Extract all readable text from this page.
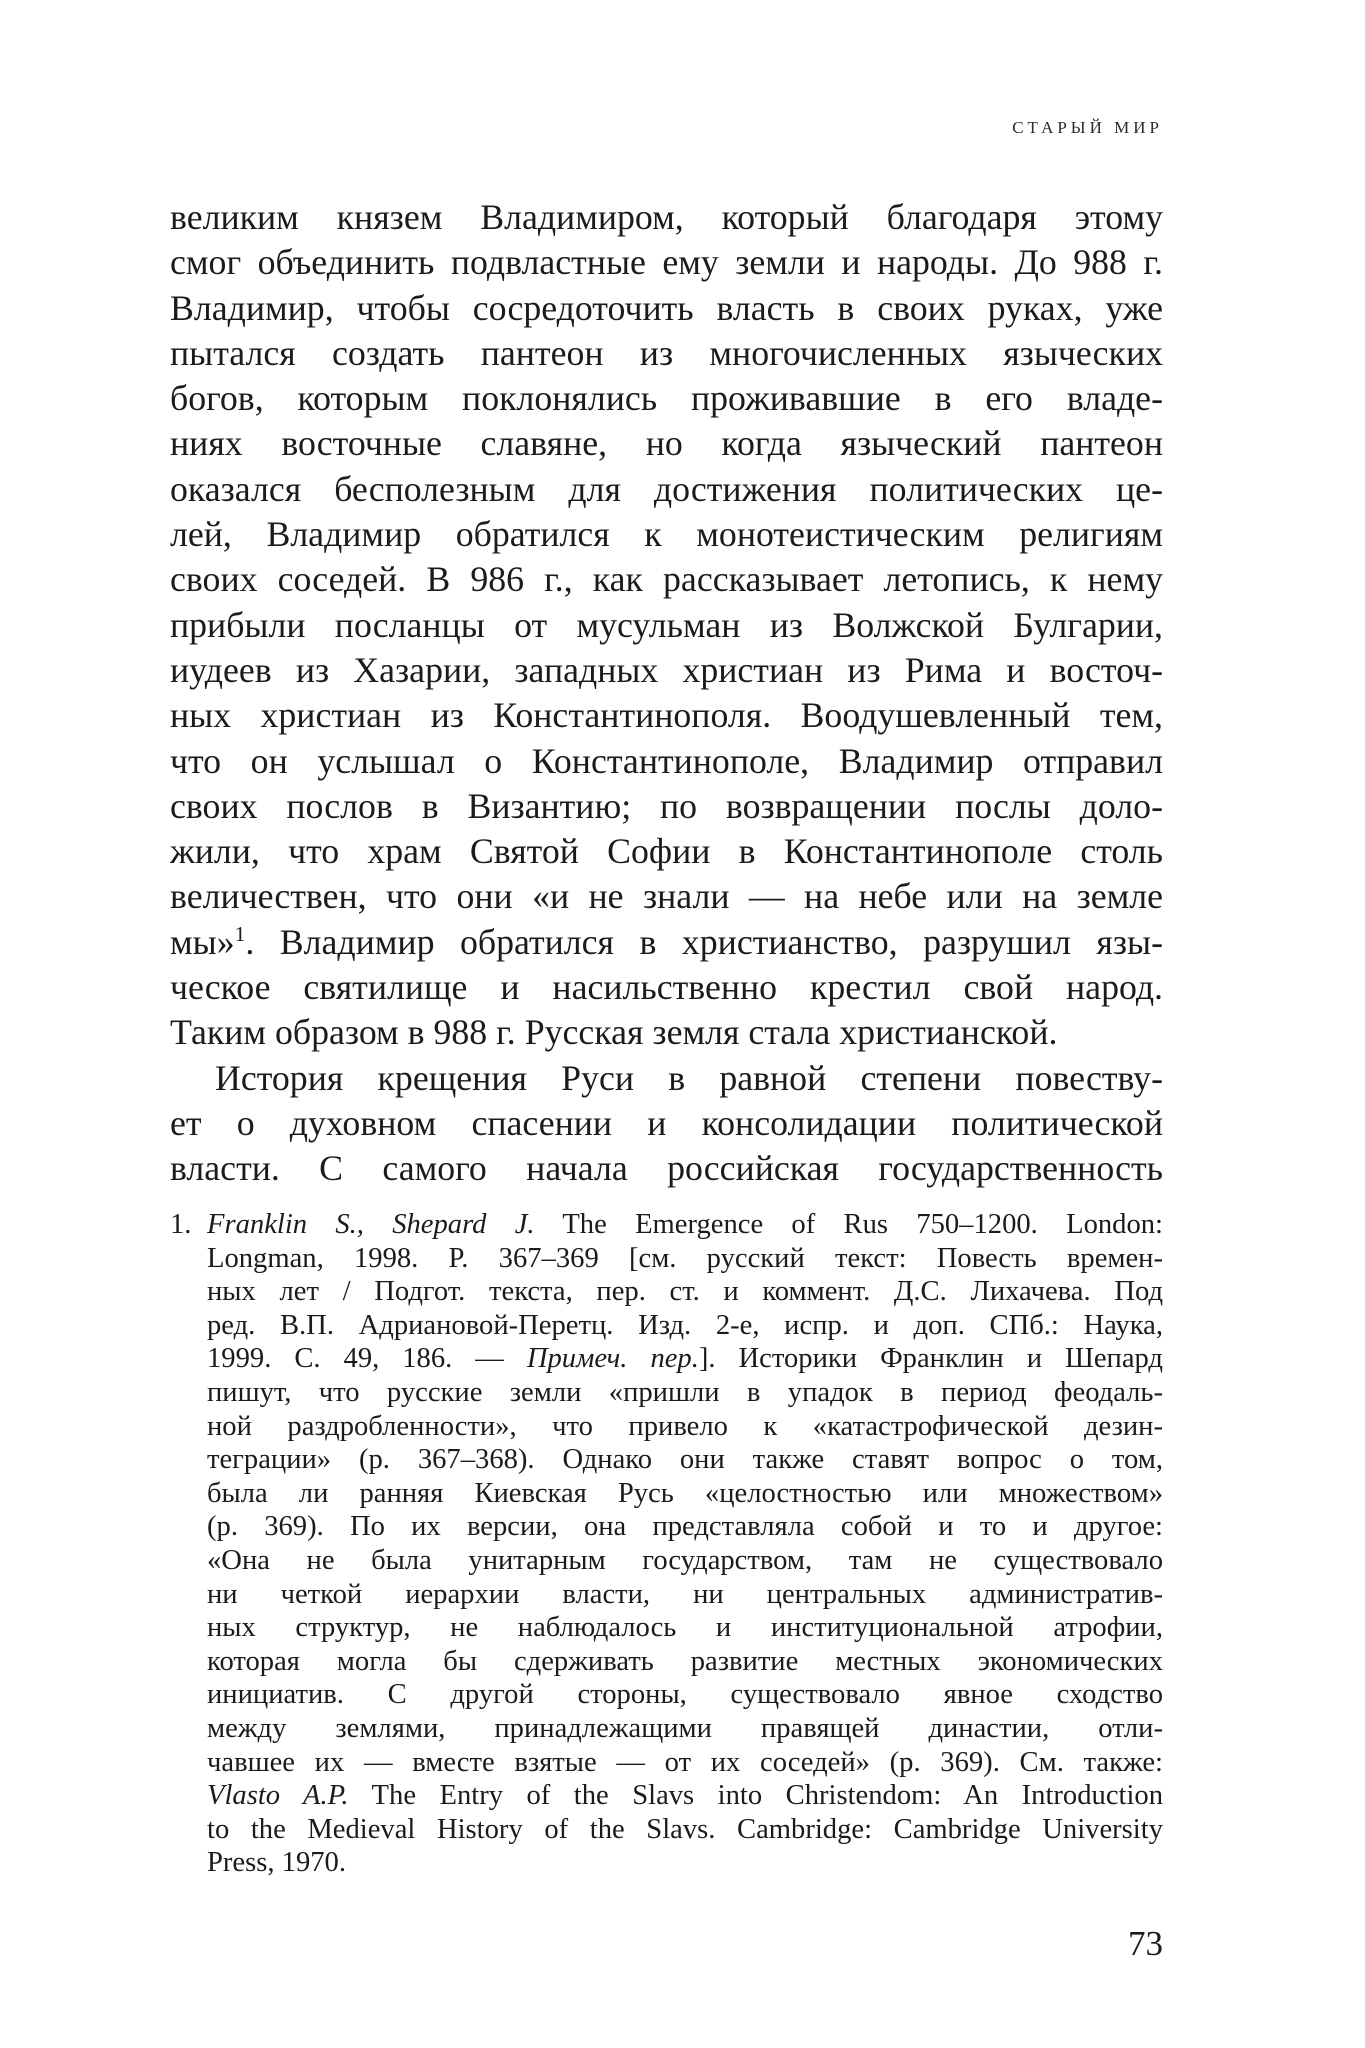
СТАРЫЙ МИР
великим князем Владимиром, который благодаря этому
смог объединить подвластные ему земли и народы. До 988 г.
Владимир, чтобы сосредоточить власть в своих руках, уже
пытался создать пантеон из многочисленных языческих
богов, которым поклонялись проживавшие в его владе-
ниях восточные славяне, но когда языческий пантеон
оказался бесполезным для достижения политических це-
лей, Владимир обратился к монотеистическим религиям
своих соседей. В 986 г., как рассказывает летопись, к нему
прибыли посланцы от мусульман из Волжской Булгарии,
иудеев из Хазарии, западных христиан из Рима и восточ-
ных христиан из Константинополя. Воодушевленный тем,
что он услышал о Константинополе, Владимир отправил
своих послов в Византию; по возвращении послы доло-
жили, что храм Святой Софии в Константинополе столь
величествен, что они «и не знали — на небе или на земле
мы»$^1$. Владимир обратился в христианство, разрушил язы-
ческое святилище и насильственно крестил свой народ.
Таким образом в 988 г. Русская земля стала христианской.
История крещения Руси в равной степени повеству-
ет о духовном спасении и консолидации политической
власти. С самого начала российская государственность
1. Franklin S., Shepard J. The Emergence of Rus 750–1200. London:
Longman, 1998. P. 367–369 [см. русский текст: Повесть времен-
ных лет / Подгот. текста, пер. ст. и коммент. Д.С. Лихачева. Под
ред. В.П. Адриановой-Перетц. Изд. 2-е, испр. и доп. СПб.: Наука,
1999. С. 49, 186. — Примеч. пер.]. Историки Франклин и Шепард
пишут, что русские земли «пришли в упадок в период феодаль-
ной раздробленности», что привело к «катастрофической дезин-
теграции» (p. 367–368). Однако они также ставят вопрос о том,
была ли ранняя Киевская Русь «целостностью или множеством»
(p. 369). По их версии, она представляла собой и то и другое:
«Она не была унитарным государством, там не существовало
ни четкой иерархии власти, ни центральных административ-
ных структур, не наблюдалось и институциональной атрофии,
которая могла бы сдерживать развитие местных экономических
инициатив. С другой стороны, существовало явное сходство
между землями, принадлежащими правящей династии, отли-
чавшее их — вместе взятые — от их соседей» (p. 369). См. также:
Vlasto A.P. The Entry of the Slavs into Christendom: An Introduction
to the Medieval History of the Slavs. Cambridge: Cambridge University
Press, 1970.
73
